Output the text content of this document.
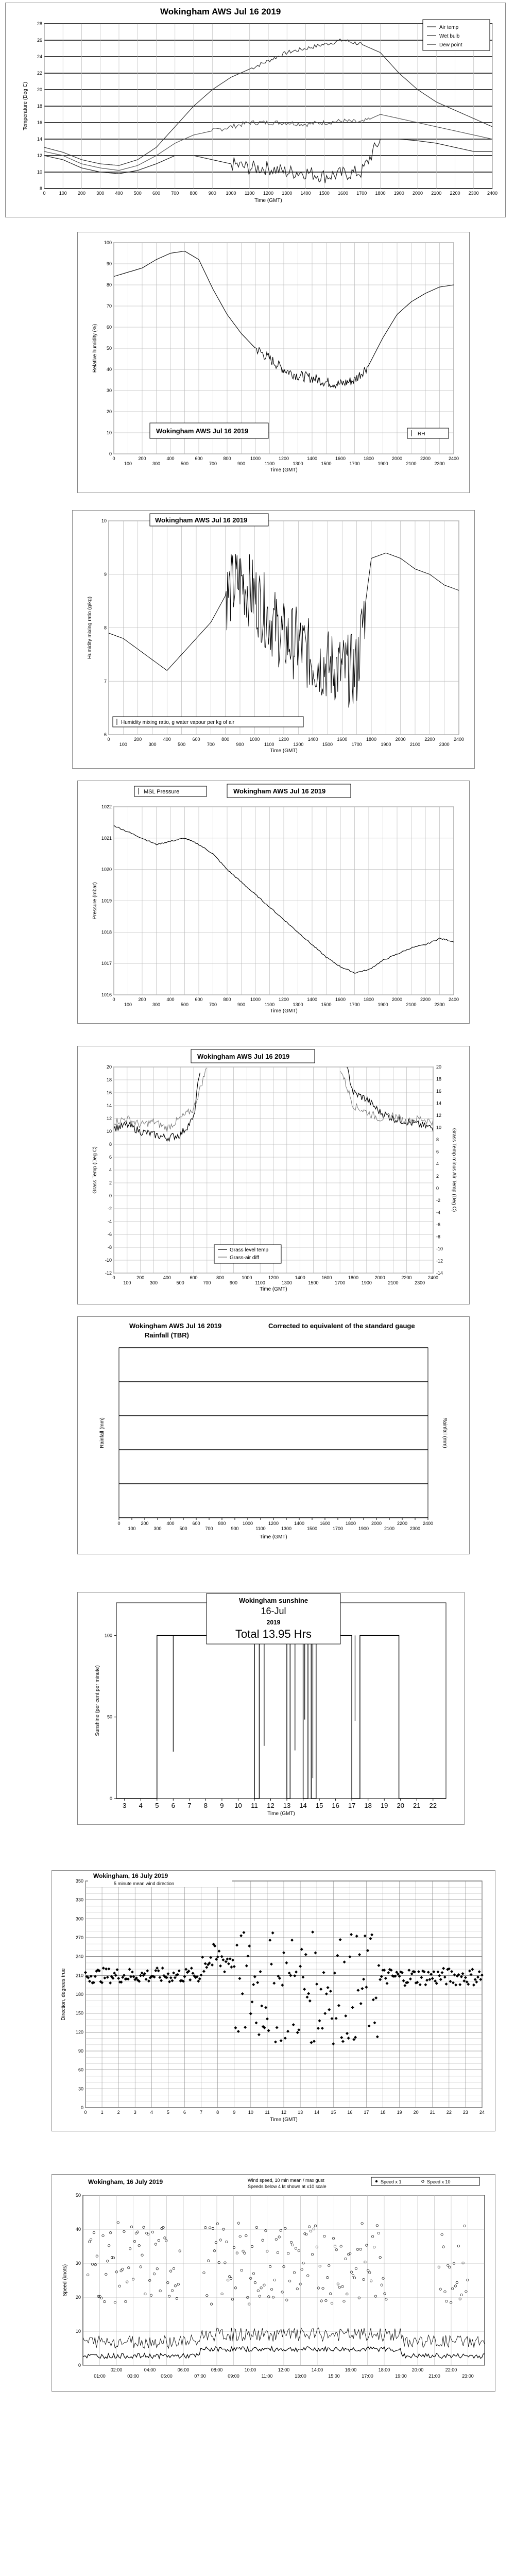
8
10
12
14
16
18
20
22
24
26
28
0	100 200 300 400 500 600 700 800 900 1000 1100 1200 1300 1400 1500 1600 1700 1800 1900 2000 2100 2200 2300 2400
Time (GMT)
Temperature (Deg C)
Wokingham AWS Jul 16 2019
Air temp
Wet bulb
Dew point
0
10
20
30
40
50
60
70
80
90
100
0
100
200
300
400
500
600
700
800
900
1000
1100
1200
1300
1400
1500
1600
1700
1800
1900
2000
2100
2200
2300
2400
Time (GMT)
Relative humidity (%)
Wokingham AWS Jul 16 2019	RH
6
7
8
9
10
0
100
200
300
400
500
600
700
800
900
1000
1100
1200
1300
1400
1500
1600
1700
1800
1900
2000
2100
2200
2300
2400
Time (GMT)
Humidity mixing ratio (g/kg)
Wokingham AWS Jul 16 2019
Humidity mixing ratio, g water vapour per kg of air
1016
1017
1018
1019
1020
1021
1022
0
100
200
300
400
500
600
700
800
900
1000
1100
1200
1300
1400
1500
1600
1700
1800
1900
2000
2100
2200
2300
2400
Time (GMT)
Pressure (mbar)
MSL Pressure	Wokingham AWS Jul 16 2019
-12
-10
-8
-6
-4
-2
0
2
4
6
8
10
12
14
16
18
20
0
100
200
300
400
500
600
700
800
900
1000
1100
1200
1300
1400
1500
1600
1700
1800
1900
2000
2100
2200
2300
2400
Time (GMT)
Grass Temp (Deg C)
-14
-12
-10
-8
-6
-4
-2
0
2
4
6
8
10
12
14
16
18
20
Grass Temp minus Air Temp (Deg C)
Wokingham AWS Jul 16 2019
Grass level temp
Grass-air diff
0
100
200
300
400
500
600
700
800
900
1000
1100
1200
1300
1400
1500
1600
1700
1800
1900
2000
2100
2200
2300
2400
Time (GMT)
Rainfall (mm)	Rainfall (mm)
Wokingham AWS Jul 16 2019
Rainfall (TBR)
Corrected to equivalent of the standard gauge
0
50
100
3 4 5 6 7 8 9 10 11 12 13 14 15 16 17 18 19 20 21 22
Time (GMT)
Sunshine (per cent per minute)
Wokingham sunshine
16-Jul
2019
Total 13.95 Hrs
0
30
60
90
120
150
180
210
240
270
300
330
350
0	1	2	3	4	5	6	7	8	9	10 11 12 13 14 15 16 17 18 19 20 21 22 23 24
Time (GMT)
Direction, degrees true
Wokingham, 16 July 2019
5 minute mean wind direction
0
10
20
30
40
50
02:00	04:00	06:00	08:00	10:00	12:00	14:00	16:00	18:00	20:00	22:00
01:00	03:00	05:00	07:00	09:00	11:00	13:00	15:00	17:00	19:00	21:00	23:00
Speed (knots)
Wokingham, 16 July 2019	Wind speed, 10 min mean / max gust
Speeds below 4 kt shown at x10 scale
Speed x 1	Speed x 10
